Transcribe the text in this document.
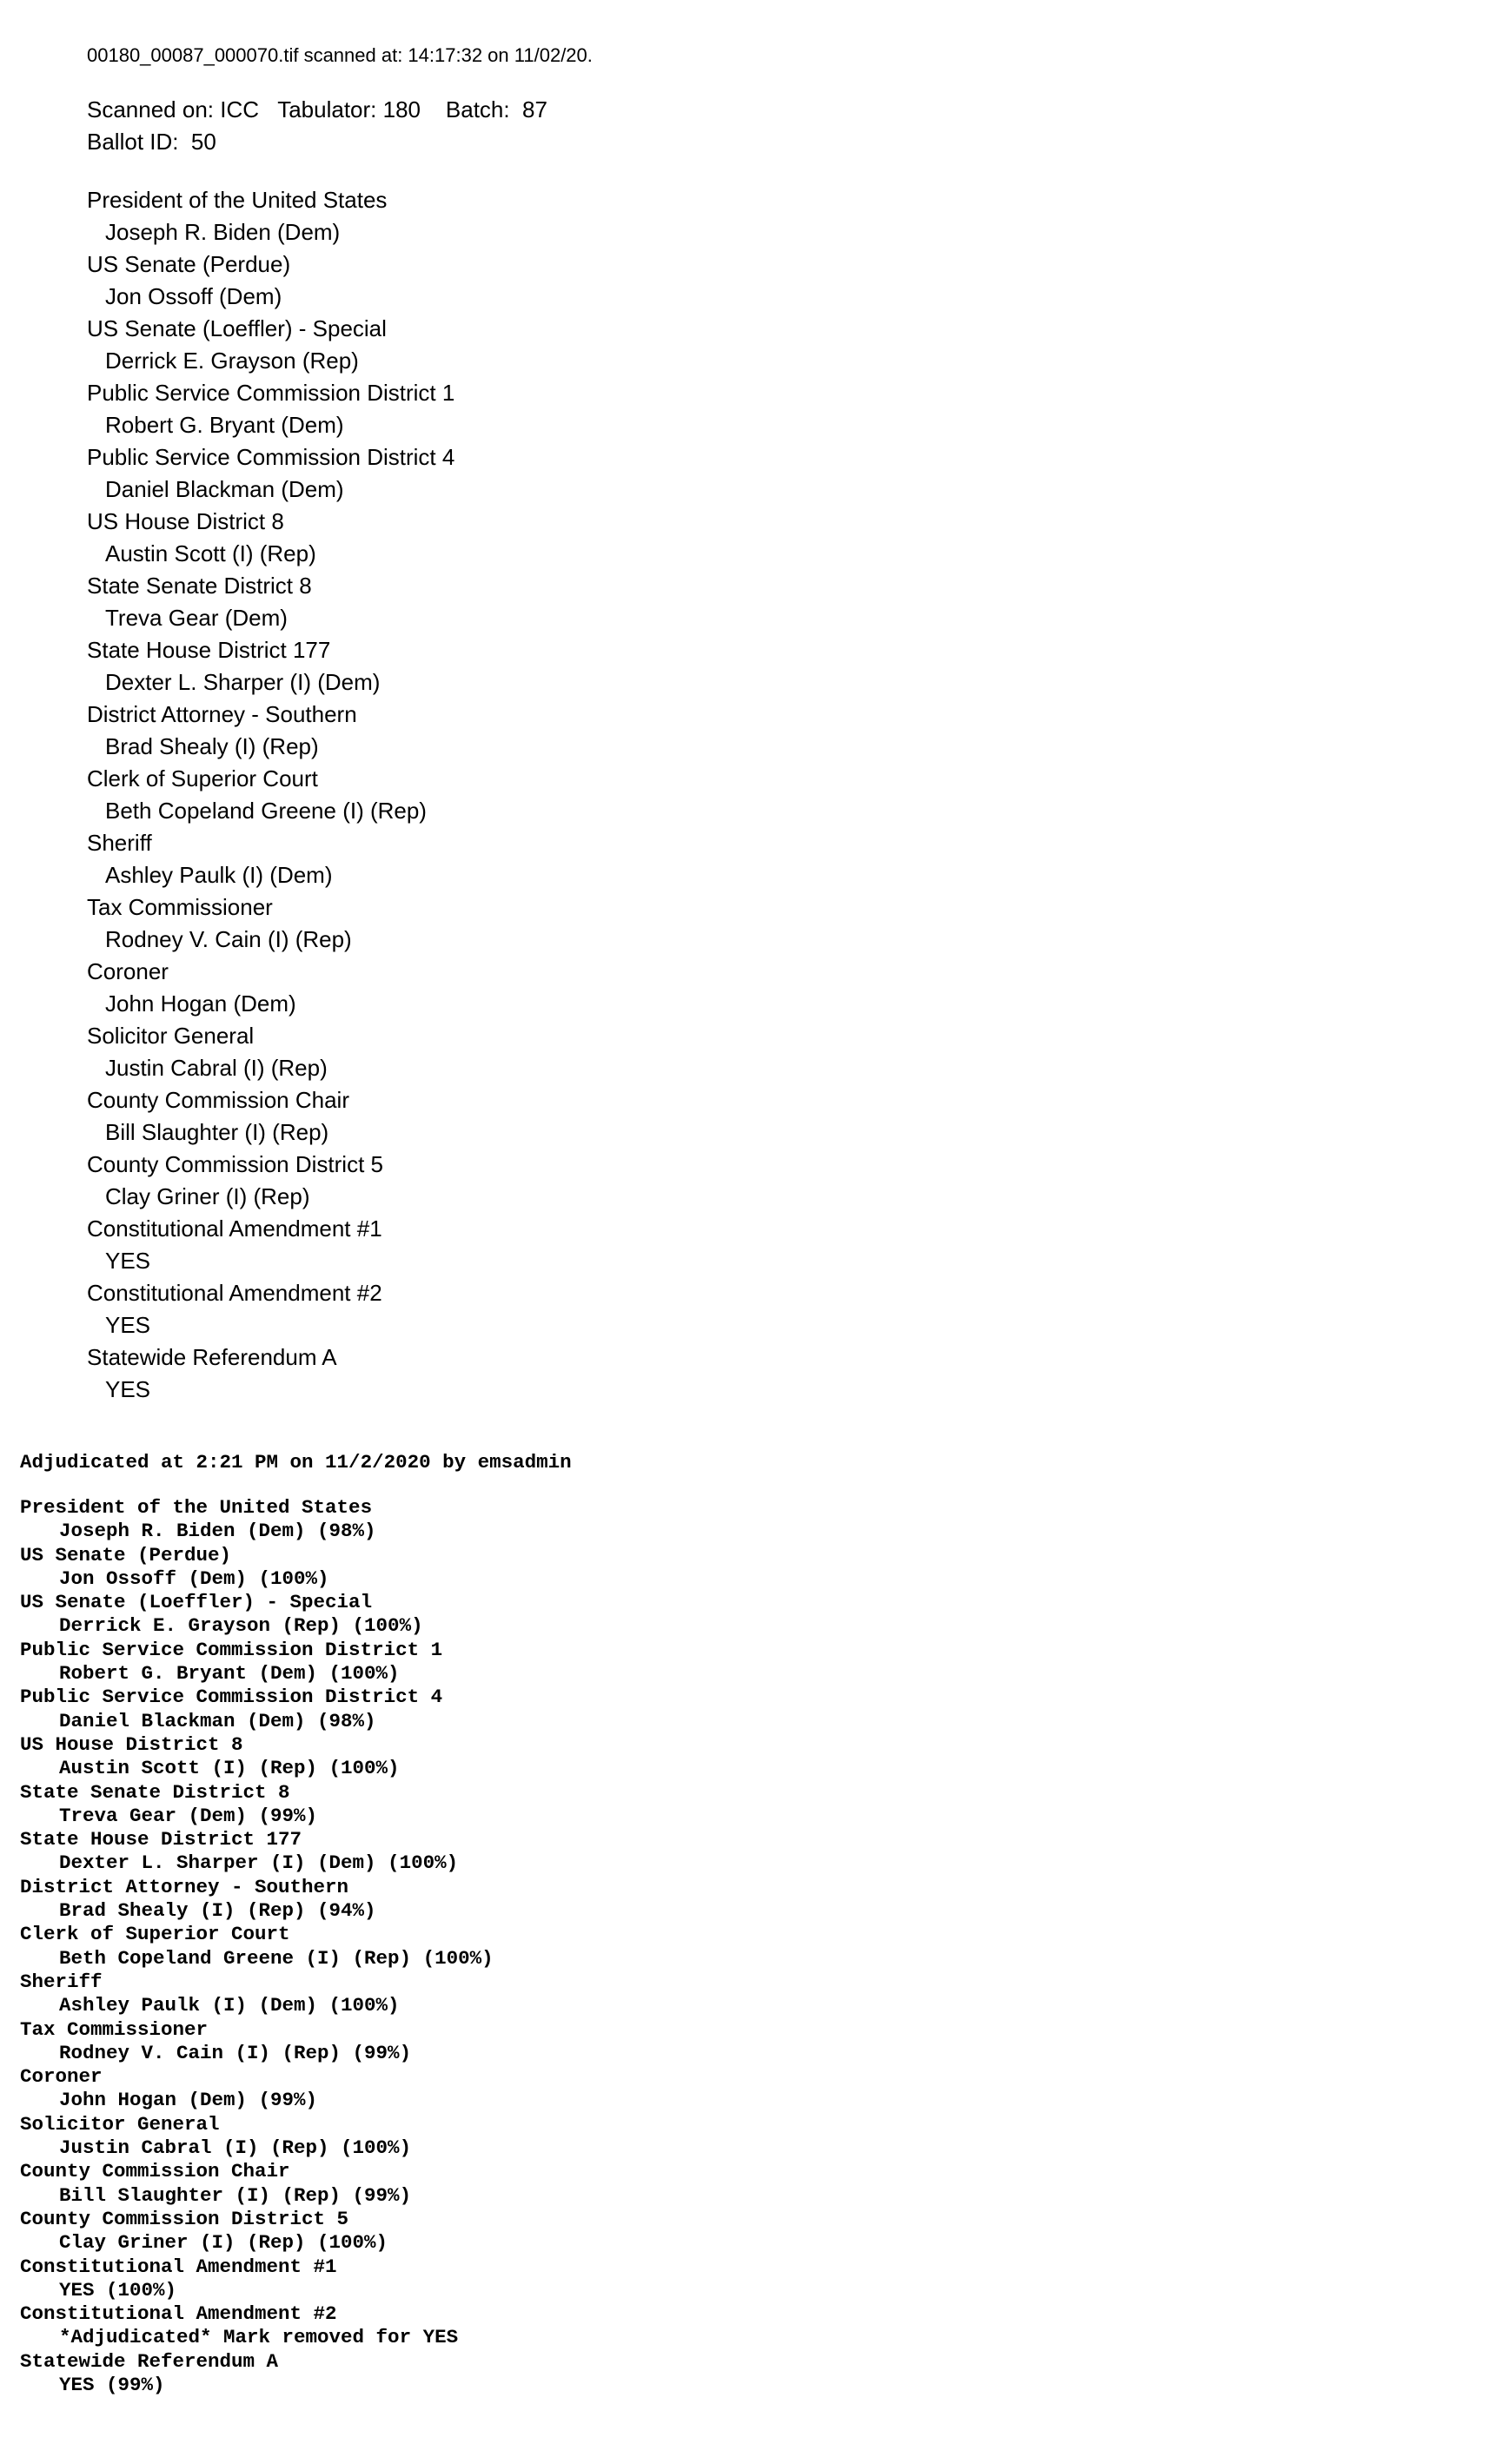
00180_00087_000070.tif scanned at: 14:17:32 on 11/02/20.
Scanned on: ICC   Tabulator: 180    Batch:  87
Ballot ID:  50
President of the United States
Joseph R. Biden (Dem)
US Senate (Perdue)
Jon Ossoff (Dem)
US Senate (Loeffler) - Special
Derrick E. Grayson (Rep)
Public Service Commission District 1
Robert G. Bryant (Dem)
Public Service Commission District 4
Daniel Blackman (Dem)
US House District 8
Austin Scott (I) (Rep)
State Senate District 8
Treva Gear (Dem)
State House District 177
Dexter L. Sharper (I) (Dem)
District Attorney - Southern
Brad Shealy (I) (Rep)
Clerk of Superior Court
Beth Copeland Greene (I) (Rep)
Sheriff
Ashley Paulk (I) (Dem)
Tax Commissioner
Rodney V. Cain (I) (Rep)
Coroner
John Hogan (Dem)
Solicitor General
Justin Cabral (I) (Rep)
County Commission Chair
Bill Slaughter (I) (Rep)
County Commission District 5
Clay Griner (I) (Rep)
Constitutional Amendment #1
YES
Constitutional Amendment #2
YES
Statewide Referendum A
YES
Adjudicated at 2:21 PM on 11/2/2020 by emsadmin
President of the United States
Joseph R. Biden (Dem) (98%)
US Senate (Perdue)
Jon Ossoff (Dem) (100%)
US Senate (Loeffler) - Special
Derrick E. Grayson (Rep) (100%)
Public Service Commission District 1
Robert G. Bryant (Dem) (100%)
Public Service Commission District 4
Daniel Blackman (Dem) (98%)
US House District 8
Austin Scott (I) (Rep) (100%)
State Senate District 8
Treva Gear (Dem) (99%)
State House District 177
Dexter L. Sharper (I) (Dem) (100%)
District Attorney - Southern
Brad Shealy (I) (Rep) (94%)
Clerk of Superior Court
Beth Copeland Greene (I) (Rep) (100%)
Sheriff
Ashley Paulk (I) (Dem) (100%)
Tax Commissioner
Rodney V. Cain (I) (Rep) (99%)
Coroner
John Hogan (Dem) (99%)
Solicitor General
Justin Cabral (I) (Rep) (100%)
County Commission Chair
Bill Slaughter (I) (Rep) (99%)
County Commission District 5
Clay Griner (I) (Rep) (100%)
Constitutional Amendment #1
YES (100%)
Constitutional Amendment #2
*Adjudicated* Mark removed for YES
Statewide Referendum A
YES (99%)
